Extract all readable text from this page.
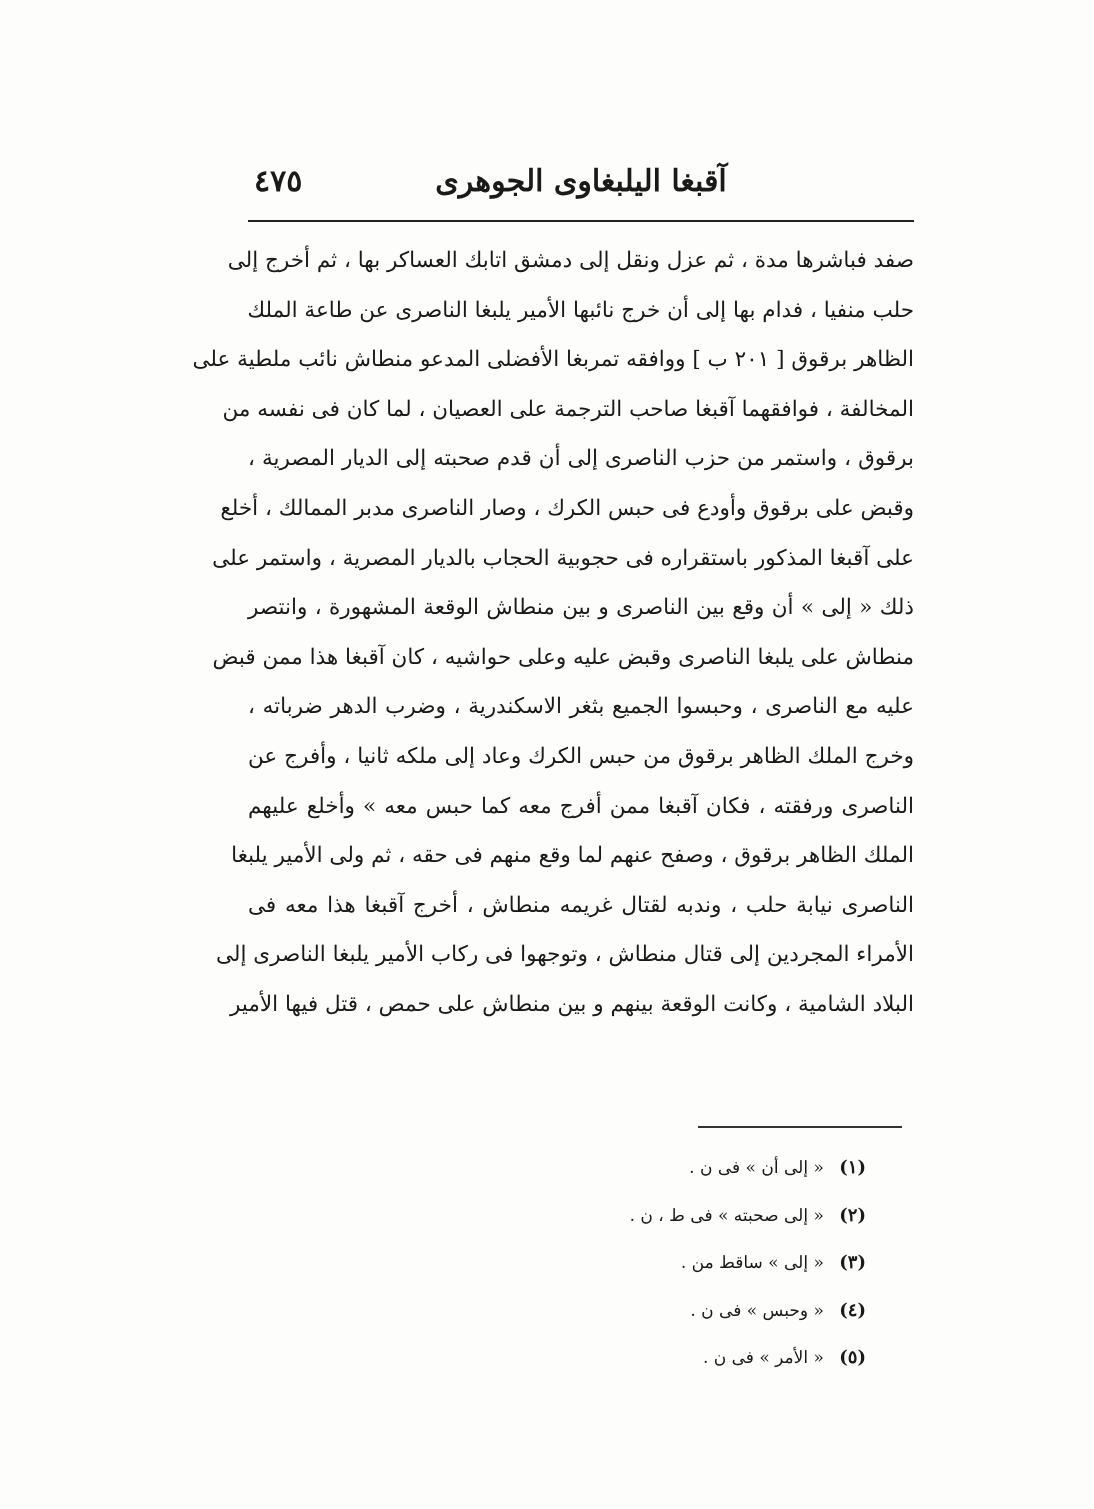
آقبغا اليلبغاوى الجوهرى
٤٧٥
صفد فباشرها مدة ، ثم عزل ونقل إلى دمشق اتابك العساكر بها ، ثم أخرج إلى
حلب منفيا ، فدام بها إلى أن خرج نائبها الأمير يلبغا الناصرى عن طاعة الملك
الظاهر برقوق [ ٢٠١ ب ] ووافقه تمربغا الأفضلى المدعو منطاش نائب ملطية على
المخالفة ، فوافقهما آقبغا صاحب الترجمة على العصيان ، لما كان فى نفسه من
برقوق ، واستمر من حزب الناصرى إلى أن قدم صحبته إلى الديار المصرية ،
وقبض على برقوق وأودع فى حبس الكرك ، وصار الناصرى مدبر الممالك ، أخلع
على آقبغا المذكور باستقراره فى حجوبية الحجاب بالديار المصرية ، واستمر على
ذلك « إلى » أن وقع بين الناصرى و بين منطاش الوقعة المشهورة ، وانتصر
منطاش على يلبغا الناصرى وقبض عليه وعلى حواشيه ، كان آقبغا هذا ممن قبض
عليه مع الناصرى ، وحبسوا الجميع بثغر الاسكندرية ، وضرب الدهر ضرباته ،
وخرج الملك الظاهر برقوق من حبس الكرك وعاد إلى ملكه ثانيا ، وأفرج عن
الناصرى ورفقته ، فكان آقبغا ممن أفرج معه كما حبس معه » وأخلع عليهم
الملك الظاهر برقوق ، وصفح عنهم لما وقع منهم فى حقه ، ثم ولى الأمير يلبغا
الناصرى نيابة حلب ، وندبه لقتال غريمه منطاش ، أخرج آقبغا هذا معه فى
الأمراء المجردين إلى قتال منطاش ، وتوجهوا فى ركاب الأمير يلبغا الناصرى إلى
البلاد الشامية ، وكانت الوقعة بينهم و بين منطاش على حمص ، قتل فيها الأمير
(١) « إلى أن » فى ن .
(٢) « إلى صحبته » فى ط ، ن .
(٣) « إلى » ساقط من .
(٤) « وحبس » فى ن .
(٥) « الأمر » فى ن .
